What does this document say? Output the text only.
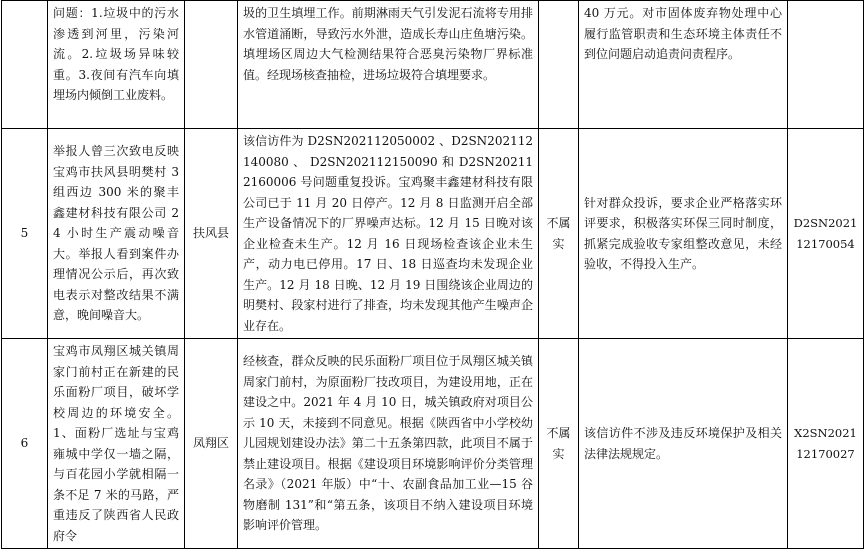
	问题：1.垃圾中的污水渗透到河里，污染河流。2.垃圾场异味较重。3.夜间有汽车向填埋场内倾倒工业废料。		圾的卫生填埋工作。前期淋雨天气引发泥石流将专用排水管道涌断，导致污水外泄，造成长寿山庄鱼塘污染。填埋场区周边大气检测结果符合恶臭污染物厂界标准值。经现场核查抽检，进场垃圾符合填埋要求。		40 万元。对市固体废弃物处理中心履行监管职责和生态环境主体责任不到位问题启动追责问责程序。	
5	举报人曾三次致电反映宝鸡市扶风县明樊村 3 组西边 300 米的聚丰鑫建材科技有限公司 24 小时生产震动噪音大。举报人看到案件办理情况公示后，再次致电表示对整改结果不满意，晚间噪音大。	扶风县	该信访件为 D2SN202112050002 、D2SN202112140080 、 D2SN202112150090 和 D2SN202112160006 号问题重复投诉。宝鸡聚丰鑫建材科技有限公司已于 11 月 20 日停产。12 月 8 日监测开启全部生产设备情况下的厂界噪声达标。12 月 15 日晚对该企业检查未生产。12 月 16 日现场检查该企业未生产，动力电已停用。17 日、18 日巡查均未发现企业生产。12 月 18 日晚、12 月 19 日围绕该企业周边的明樊村、段家村进行了排查，均未发现其他产生噪声企业存在。	不属实	针对群众投诉，要求企业严格落实环评要求，积极落实环保三同时制度，抓紧完成验收专家组整改意见，未经验收，不得投入生产。	D2SN202112170054
6	宝鸡市凤翔区城关镇周家门前村正在新建的民乐面粉厂项目，破坏学校周边的环境安全。1、面粉厂选址与宝鸡雍城中学仅一墙之隔，与百花园小学就相隔一条不足 7 米的马路，严重违反了陕西省人民政府令	凤翔区	经核查，群众反映的民乐面粉厂项目位于凤翔区城关镇周家门前村，为原面粉厂技改项目，为建设用地，正在建设之中。2021 年 4 月 10 日，城关镇政府对项目公示 10 天，未接到不同意见。根据《陕西省中小学校幼儿园规划建设办法》第二十五条第四款，此项目不属于禁止建设项目。根据《建设项目环境影响评价分类管理名录》（2021 年版）中“十、农副食品加工业—15 谷物磨制 131”和“第五条，该项目不纳入建设项目环境影响评价管理。	不属实	该信访件不涉及违反环境保护及相关法律法规规定。	X2SN202112170027
